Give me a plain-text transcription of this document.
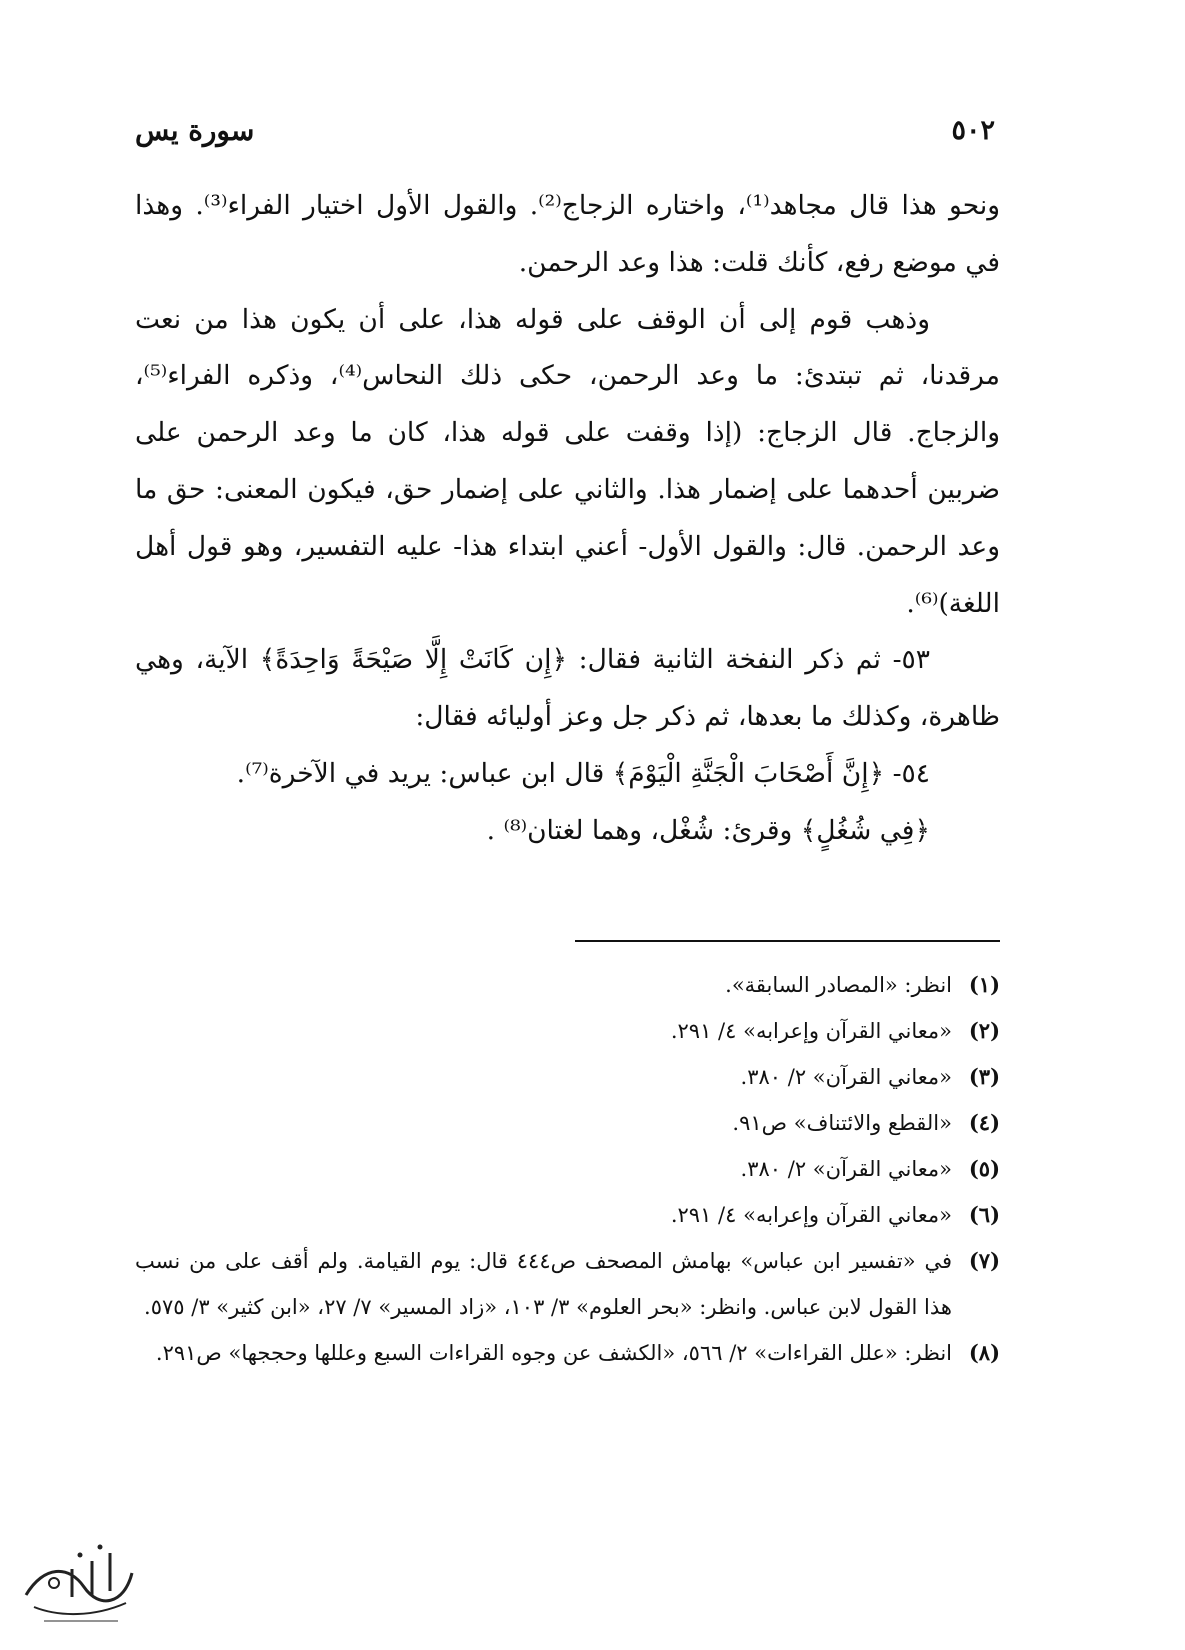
٥٠٢
سورة يس

ونحو هذا قال مجاهد⁽¹⁾، واختاره الزجاج⁽²⁾. والقول الأول اختيار الفراء⁽³⁾. وهذا في موضع رفع، كأنك قلت: هذا وعد الرحمن.

وذهب قوم إلى أن الوقف على قوله هذا، على أن يكون هذا من نعت مرقدنا، ثم تبتدئ: ما وعد الرحمن، حكى ذلك النحاس⁽⁴⁾، وذكره الفراء⁽⁵⁾، والزجاج. قال الزجاج: (إذا وقفت على قوله هذا، كان ما وعد الرحمن على ضربين أحدهما على إضمار هذا. والثاني على إضمار حق، فيكون المعنى: حق ما وعد الرحمن. قال: والقول الأول- أعني ابتداء هذا- عليه التفسير، وهو قول أهل اللغة)⁽⁶⁾.

٥٣- ثم ذكر النفخة الثانية فقال: ﴿إِن كَانَتْ إِلَّا صَيْحَةً وَاحِدَةً﴾ الآية، وهي ظاهرة، وكذلك ما بعدها، ثم ذكر جل وعز أوليائه فقال:

٥٤- ﴿إِنَّ أَصْحَابَ الْجَنَّةِ الْيَوْمَ﴾ قال ابن عباس: يريد في الآخرة⁽⁷⁾.

﴿فِي شُغُلٍ﴾ وقرئ: شُغْل، وهما لغتان⁽⁸⁾ .

(١)
انظر: «المصادر السابقة».
(٢)
«معاني القرآن وإعرابه» ٤/ ٢٩١.
(٣)
«معاني القرآن» ٢/ ٣٨٠.
(٤)
«القطع والائتناف» ص٩١.
(٥)
«معاني القرآن» ٢/ ٣٨٠.
(٦)
«معاني القرآن وإعرابه» ٤/ ٢٩١.
(٧)
في «تفسير ابن عباس» بهامش المصحف ص٤٤٤ قال: يوم القيامة. ولم أقف على من نسب هذا القول لابن عباس. وانظر: «بحر العلوم» ٣/ ١٠٣، «زاد المسير» ٧/ ٢٧، «ابن كثير» ٣/ ٥٧٥.
(٨)
انظر: «علل القراءات» ٢/ ٥٦٦، «الكشف عن وجوه القراءات السبع وعللها وحججها» ص٢٩١.
